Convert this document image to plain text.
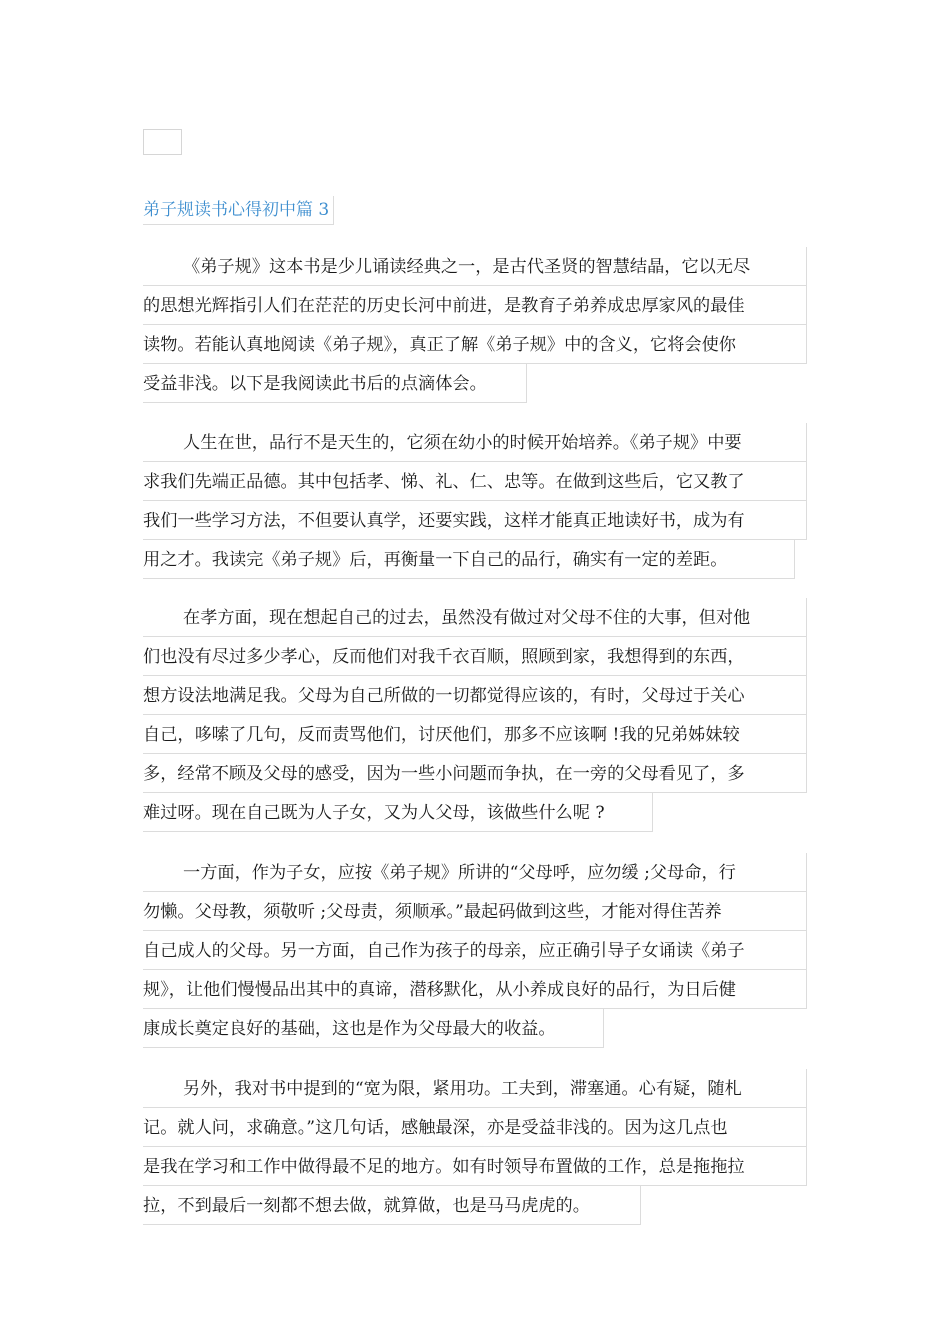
弟子规读书心得初中篇 3
《弟子规》这本书是少儿诵读经典之一，是古代圣贤的智慧结晶，它以无尽
的思想光辉指引人们在茫茫的历史长河中前进，是教育子弟养成忠厚家风的最佳
读物。若能认真地阅读《弟子规》，真正了解《弟子规》中的含义，它将会使你
受益非浅。以下是我阅读此书后的点滴体会。
人生在世，品行不是天生的，它须在幼小的时候开始培养。《弟子规》中要
求我们先端正品德。其中包括孝、悌、礼、仁、忠等。在做到这些后，它又教了
我们一些学习方法，不但要认真学，还要实践，这样才能真正地读好书，成为有
用之才。我读完《弟子规》后，再衡量一下自己的品行，确实有一定的差距。
在孝方面，现在想起自己的过去，虽然没有做过对父母不住的大事，但对他
们也没有尽过多少孝心，反而他们对我千衣百顺，照顾到家，我想得到的东西，
想方设法地满足我。父母为自己所做的一切都觉得应该的，有时，父母过于关心
自己，哆嗦了几句，反而责骂他们，讨厌他们，那多不应该啊 !我的兄弟姊妹较
多，经常不顾及父母的感受，因为一些小问题而争执，在一旁的父母看见了，多
难过呀。现在自己既为人子女，又为人父母，该做些什么呢 ?
一方面，作为子女，应按《弟子规》所讲的“父母呼，应勿缓 ;父母命，行
勿懒。父母教，须敬听 ;父母责，须顺承。”最起码做到这些，才能对得住苦养
自己成人的父母。另一方面，自己作为孩子的母亲，应正确引导子女诵读《弟子
规》，让他们慢慢品出其中的真谛，潜移默化，从小养成良好的品行，为日后健
康成长奠定良好的基础，这也是作为父母最大的收益。
另外，我对书中提到的“宽为限，紧用功。工夫到，滞塞通。心有疑，随札
记。就人问，求确意。”这几句话，感触最深，亦是受益非浅的。因为这几点也
是我在学习和工作中做得最不足的地方。如有时领导布置做的工作，总是拖拖拉
拉，不到最后一刻都不想去做，就算做，也是马马虎虎的。
